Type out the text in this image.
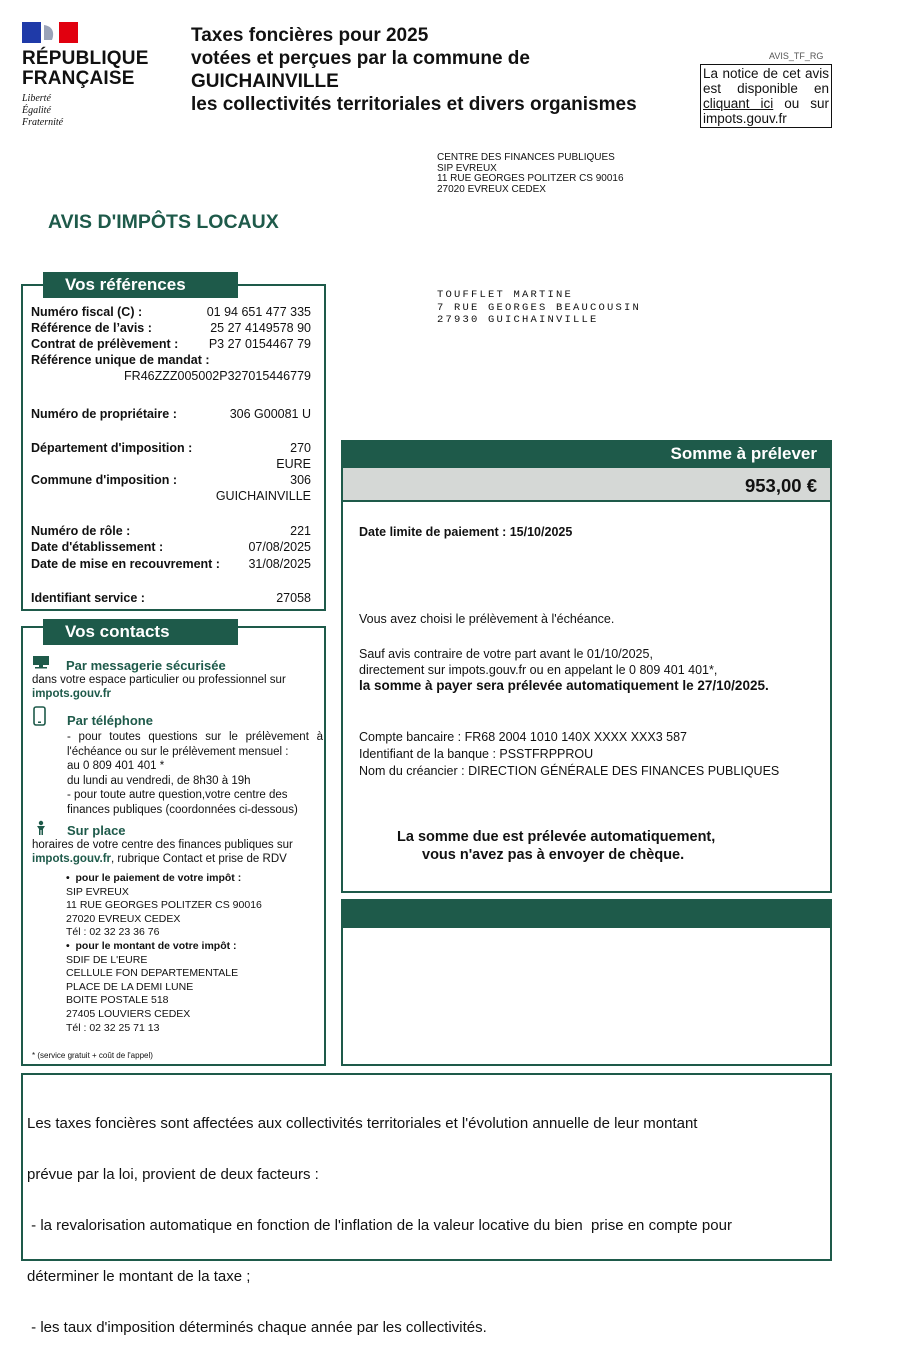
RÉPUBLIQUE
FRANÇAISE
Liberté
Égalité
Fraternité
Taxes foncières pour 2025
votées et perçues par la commune de
GUICHAINVILLE
les collectivités territoriales et divers organismes
AVIS_TF_RG
La notice de cet avis est disponible en cliquant ici ou sur impots.gouv.fr
CENTRE DES FINANCES PUBLIQUES
SIP EVREUX
11 RUE GEORGES POLITZER CS 90016
27020 EVREUX CEDEX
AVIS D'IMPÔTS LOCAUX
TOUFFLET MARTINE
7 RUE GEORGES BEAUCOUSIN
27930 GUICHAINVILLE
Vos références
Numéro fiscal (C) :	01 94 651 477 335
Référence de l’avis :	25 27 4149578 90
Contrat de prélèvement : P3 27 0154467 79
Référence unique de mandat :
FR46ZZZ005002P327015446779
Numéro de propriétaire :	306 G00081 U
Département d'imposition :	270
EURE
Commune d'imposition :	306
GUICHAINVILLE
Numéro de rôle :	221
Date d'établissement :	07/08/2025
Date de mise en recouvrement : 31/08/2025
Identifiant service :	27058
Vos contacts
Par messagerie sécurisée
dans votre espace particulier ou professionnel sur
impots.gouv.fr
Par téléphone
- pour toutes questions sur le prélèvement à
l'échéance ou sur le prélèvement mensuel :
au 0 809 401 401 *
du lundi au vendredi, de 8h30 à 19h
- pour toute autre question,votre centre des
finances publiques (coordonnées ci-dessous)
Sur place
horaires de votre centre des finances publiques sur
impots.gouv.fr, rubrique Contact et prise de RDV
•  pour le paiement de votre impôt :
SIP EVREUX
11 RUE GEORGES POLITZER CS 90016
27020 EVREUX CEDEX
Tél : 02 32 23 36 76
•  pour le montant de votre impôt :
SDIF DE L'EURE
CELLULE FON DEPARTEMENTALE
PLACE DE LA DEMI LUNE
BOITE POSTALE 518
27405 LOUVIERS CEDEX
Tél : 02 32 25 71 13
* (service gratuit + coût de l'appel)
Somme à prélever
953,00 €
Date limite de paiement : 15/10/2025
Vous avez choisi le prélèvement à l'échéance.
Sauf avis contraire de votre part avant le 01/10/2025,
directement sur impots.gouv.fr ou en appelant le 0 809 401 401*,
la somme à payer sera prélevée automatiquement le 27/10/2025.
Compte bancaire : FR68 2004 1010 140X XXXX XXX3 587
Identifiant de la banque : PSSTFRPPROU
Nom du créancier : DIRECTION GÉNÉRALE DES FINANCES PUBLIQUES
La somme due est prélevée automatiquement,
vous n'avez pas à envoyer de chèque.

Les taxes foncières sont affectées aux collectivités territoriales et l'évolution annuelle de leur montant

prévue par la loi, provient de deux facteurs :

- la revalorisation automatique en fonction de l'inflation de la valeur locative du bien  prise en compte pour

déterminer le montant de la taxe ;

- les taux d'imposition déterminés chaque année par les collectivités.
